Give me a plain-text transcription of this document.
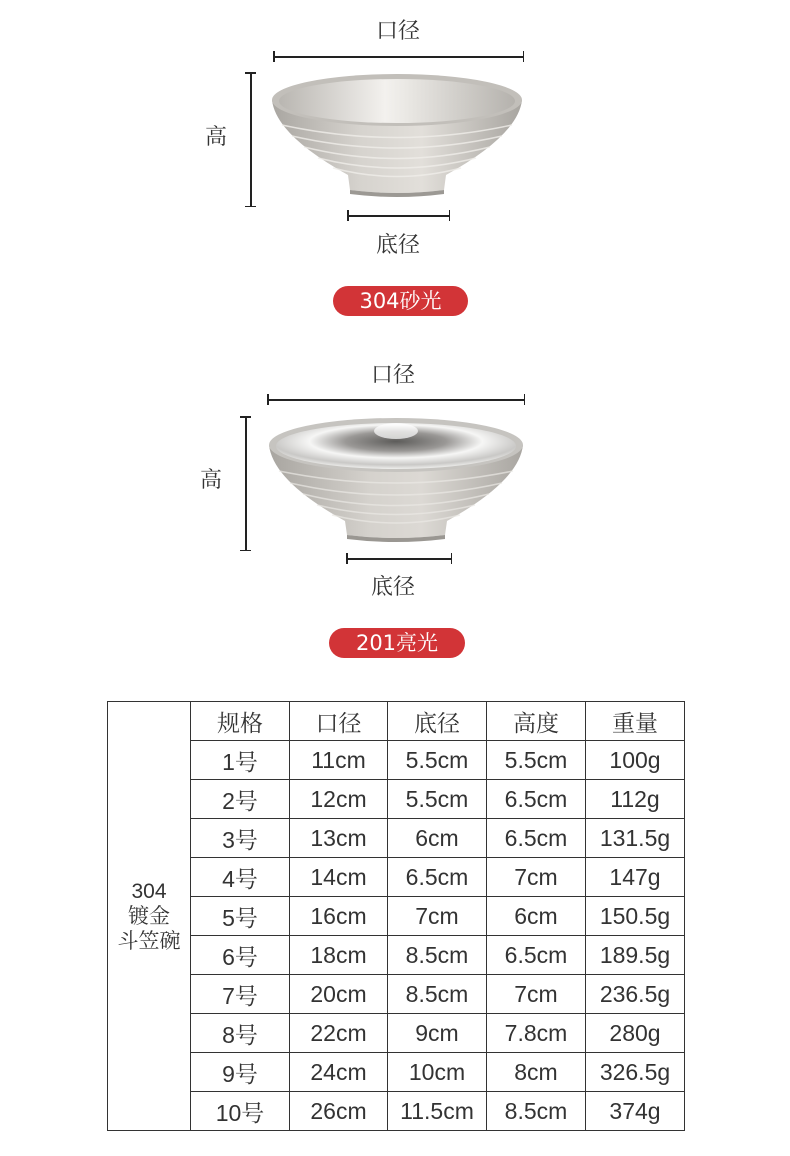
口径
高
底径
304砂光
口径
高
底径
201亮光
304
镀金
斗笠碗	规格	口径	底径	高度	重量
	1号	11cm	5.5cm	5.5cm	100g
	2号	12cm	5.5cm	6.5cm	112g
	3号	13cm	6cm	6.5cm	131.5g
	4号	14cm	6.5cm	7cm	147g
	5号	16cm	7cm	6cm	150.5g
	6号	18cm	8.5cm	6.5cm	189.5g
	7号	20cm	8.5cm	7cm	236.5g
	8号	22cm	9cm	7.8cm	280g
	9号	24cm	10cm	8cm	326.5g
	10号	26cm	11.5cm	8.5cm	374g
